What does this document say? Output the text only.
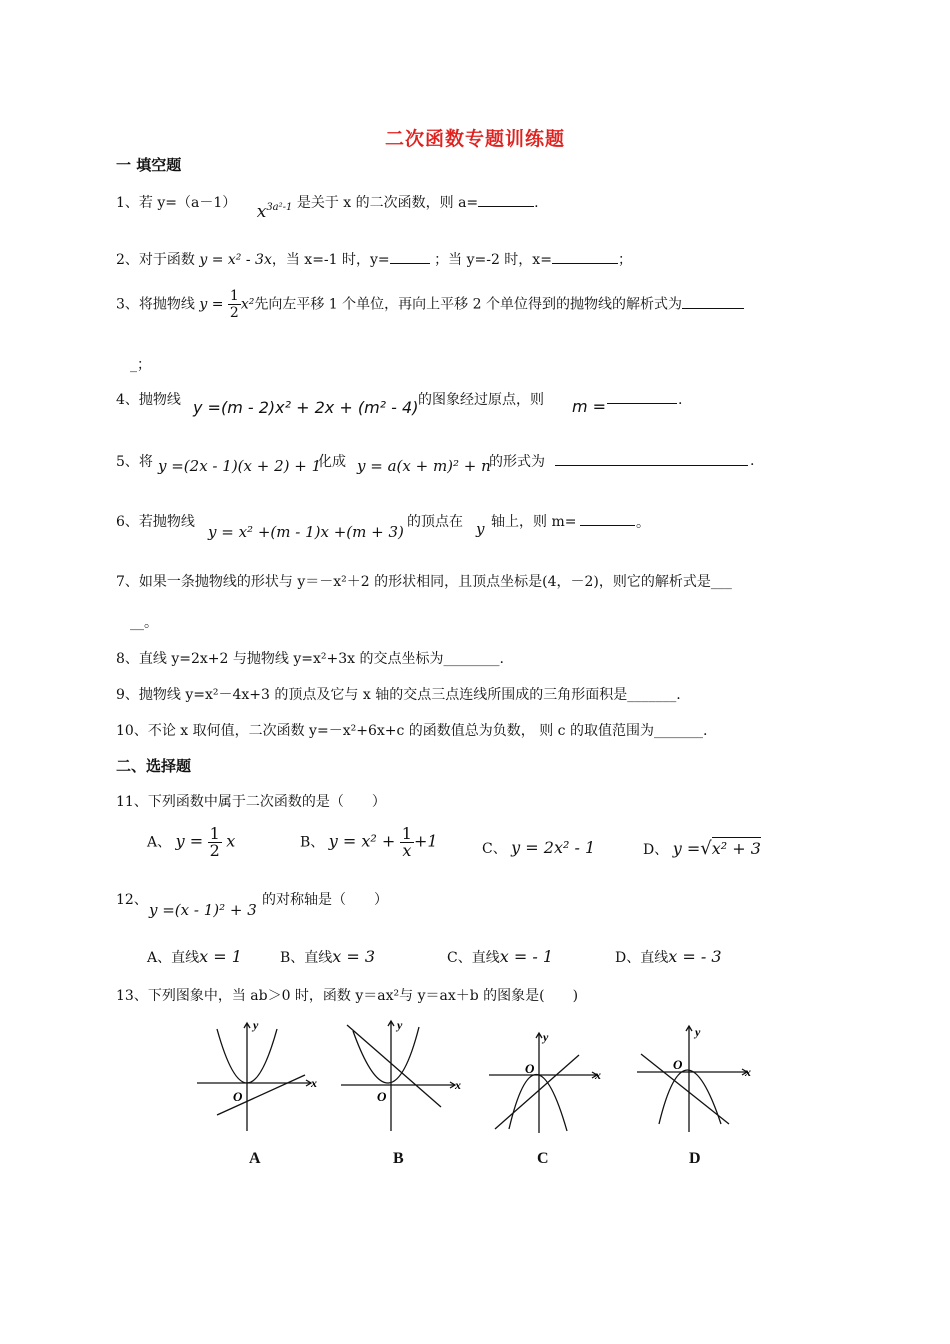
二次函数专题训练题
一 填空题
1、若 y=（a－1） $x^{3a^2-1}$ 是关于 x 的二次函数，则 a=	.
2、对于函数 y = x² - 3x，当 x=-1 时，y=	；当 y=-2 时，x=	；
3、将抛物线 $y = \frac{1}{2} x^2$先向左平移 1 个单位，再向上平移 2 个单位得到的抛物线的解析式为
_；
4、抛物线 y =(m - 2)x² + 2x + (m² - 4) 的图象经过原点，则 m =	.
5、将 y =(2x - 1)(x + 2) + 1
化成 y = a(x + m)² + n
的形式为	.
6、若抛物线
y = x² +(m - 1)x +(m + 3)
的顶点在 y 轴上，则 m=	。
7、如果一条抛物线的形状与 y＝－x²＋2 的形状相同，且顶点坐标是(4，－2)，则它的解析式是___
__。
8、直线 y=2x+2 与抛物线 y=x²+3x 的交点坐标为________.
9、抛物线 y=x²－4x+3 的顶点及它与 x 轴的交点三点连线所围成的三角形面积是_______.
10、不论 x 取何值，二次函数 y=－x²+6x+c 的函数值总为负数， 则 c 的取值范围为_______.
二、选择题
11、下列函数中属于二次函数的是（　　）
A、 $y = \frac{1}{2}$ x	B、 $y = x^2 + \frac{1}{x} +1$	C、 y = 2x² - 1	D、 y =√x² + 3
12、
y =(x - 1)² + 3
的对称轴是（　　）
A、直线x = 1	B、直线x = 3	C、直线x = - 1	D、直线x = - 3
13、下列图象中，当 ab＞0 时，函数 y＝ax²与 y＝ax＋b 的图象是(　　)
y
x
O
A
y
x
O
B
y
x
O
C
y
x
O
D
